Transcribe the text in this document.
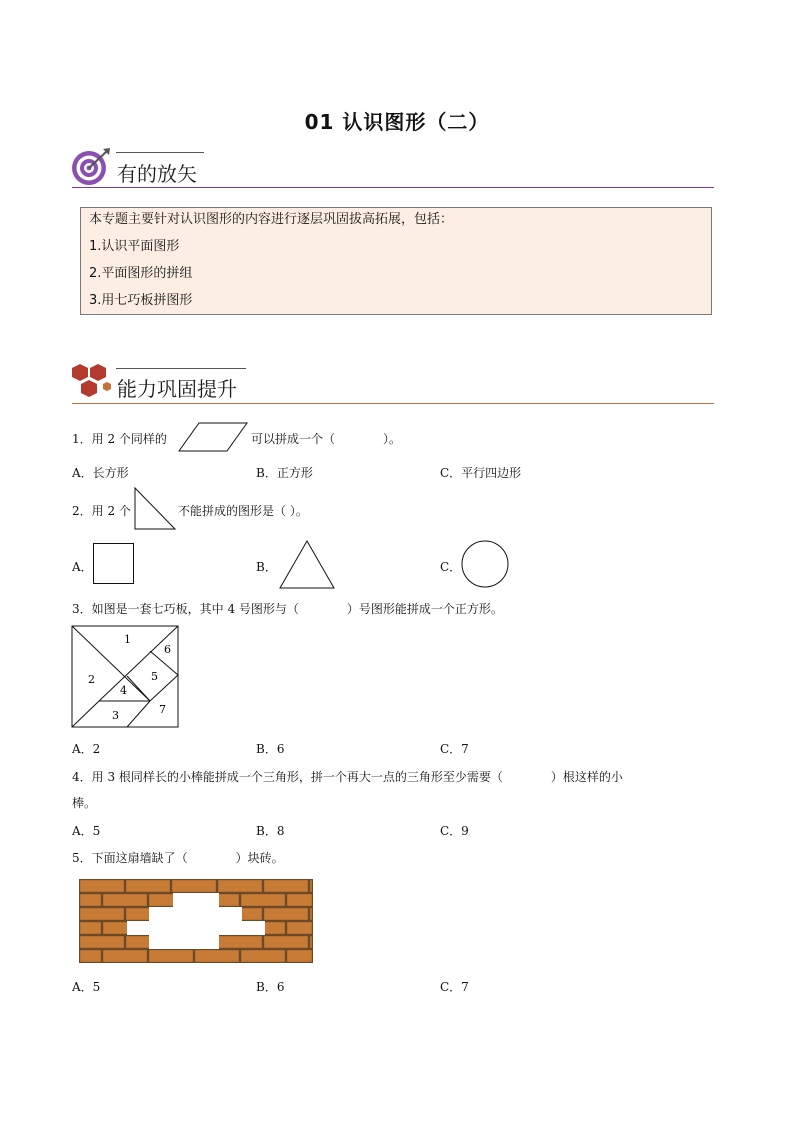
01 认识图形（二）
有的放矢
本专题主要针对认识图形的内容进行逐层巩固拔高拓展，包括：
1.认识平面图形
2.平面图形的拼组
3.用七巧板拼图形
能力巩固提升
1．用 2 个同样的	可以拼成一个（　　　　）。
A．长方形	B．正方形	C．平行四边形
2．用 2 个	不能拼成的图形是（ ）。
A．	B．	C．
3．如图是一套七巧板，其中 4 号图形与（　　　　）号图形能拼成一个正方形。
1
2
3
4
5
6
7
A．2	B．6	C．7
4．用 3 根同样长的小棒能拼成一个三角形，拼一个再大一点的三角形至少需要（　　　　）根这样的小
棒。
A．5	B．8	C．9
5．下面这扇墙缺了（　　　　）块砖。
A．5	B．6	C．7
